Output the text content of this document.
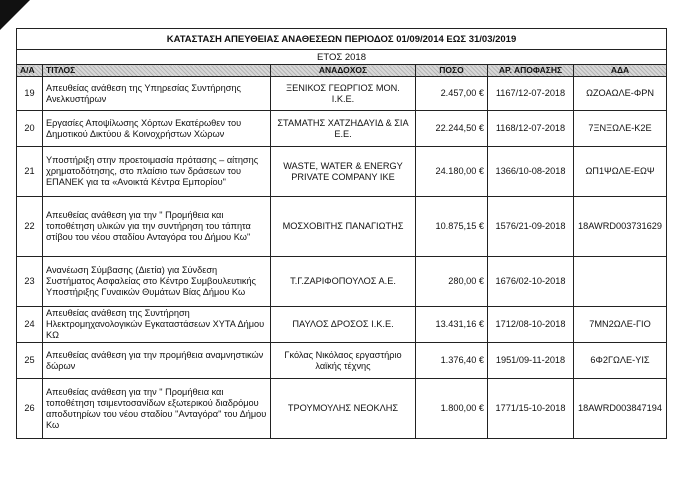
ΚΑΤΑΣΤΑΣΗ ΑΠΕΥΘΕΙΑΣ ΑΝΑΘΕΣΕΩΝ ΠΕΡΙΟΔΟΣ 01/09/2014 ΕΩΣ 31/03/2019					
ΕΤΟΣ 2018					
Α/Α	ΤΙΤΛΟΣ	ΑΝΑΔΟΧΟΣ	ΠΟΣΟ	ΑΡ. ΑΠΟΦΑΣΗΣ	ΑΔΑ
19	Απευθείας ανάθεση της Υπηρεσίας Συντήρησης Ανελκυστήρων	ΞΕΝΙΚΟΣ ΓΕΩΡΓΙΟΣ ΜΟΝ. Ι.Κ.Ε.	2.457,00 €	1167/12-07-2018	ΩΖΟΑΩΛΕ-ΦΡΝ
20	Εργασίες Αποψίλωσης Χόρτων Εκατέρωθεν του Δημοτικού Δικτύου & Κοινοχρήστων Χώρων	ΣΤΑΜΑΤΗΣ ΧΑΤΖΗΔΑΥΙΔ & ΣΙΑ Ε.Ε.	22.244,50 €	1168/12-07-2018	7ΞΝΞΩΛΕ-Κ2Ε
21	Υποστήριξη στην προετοιμασία πρότασης – αίτησης χρηματοδότησης, στο πλαίσιο των δράσεων του ΕΠΑΝΕΚ για τα «Ανοικτά Κέντρα Εμπορίου"	WASTE, WATER & ENERGY PRIVATE COMPANY IKE	24.180,00 €	1366/10-08-2018	ΩΠ1ΨΩΛΕ-ΕΩΨ
22	Απευθείας ανάθεση για την " Προμήθεια και τοποθέτηση υλικών για την συντήρηση του τάπητα στίβου του νέου σταδίου Ανταγόρα του Δήμου Κω"	ΜΟΣΧΟΒΙΤΗΣ ΠΑΝΑΓΙΩΤΗΣ	10.875,15 €	1576/21-09-2018	18AWRD003731629
23	Ανανέωση Σύμβασης (Διετία) για Σύνδεση Συστήματος Ασφαλείας στο Κέντρο Συμβουλευτικής Υποστήριξης Γυναικών Θυμάτων Βίας Δήμου Κω	Τ.Γ.ΖΑΡΙΦΟΠΟΥΛΟΣ Α.Ε.	280,00 €	1676/02-10-2018	
24	Απευθείας ανάθεση της Συντήρηση Ηλεκτρομηχανολογικών Εγκαταστάσεων ΧΥΤΑ Δήμου ΚΩ	ΠΑΥΛΟΣ ΔΡΟΣΟΣ Ι.Κ.Ε.	13.431,16 €	1712/08-10-2018	7ΜΝ2ΩΛΕ-ΓΙΟ
25	Απευθείας ανάθεση για την προμήθεια αναμνηστικών δώρων	Γκόλας Νικόλαος εργαστήριο λαϊκής τέχνης	1.376,40 €	1951/09-11-2018	6Φ2ΓΩΛΕ-ΥΙΣ
26	Απευθείας ανάθεση για την " Προμήθεια και τοποθέτηση τσιμεντοσανίδων εξωτερικού διαδρόμου αποδυτηρίων του νέου σταδίου ''Ανταγόρα" του Δήμου Κω	ΤΡΟΥΜΟΥΛΗΣ ΝΕΟΚΛΗΣ	1.800,00 €	1771/15-10-2018	18AWRD003847194
